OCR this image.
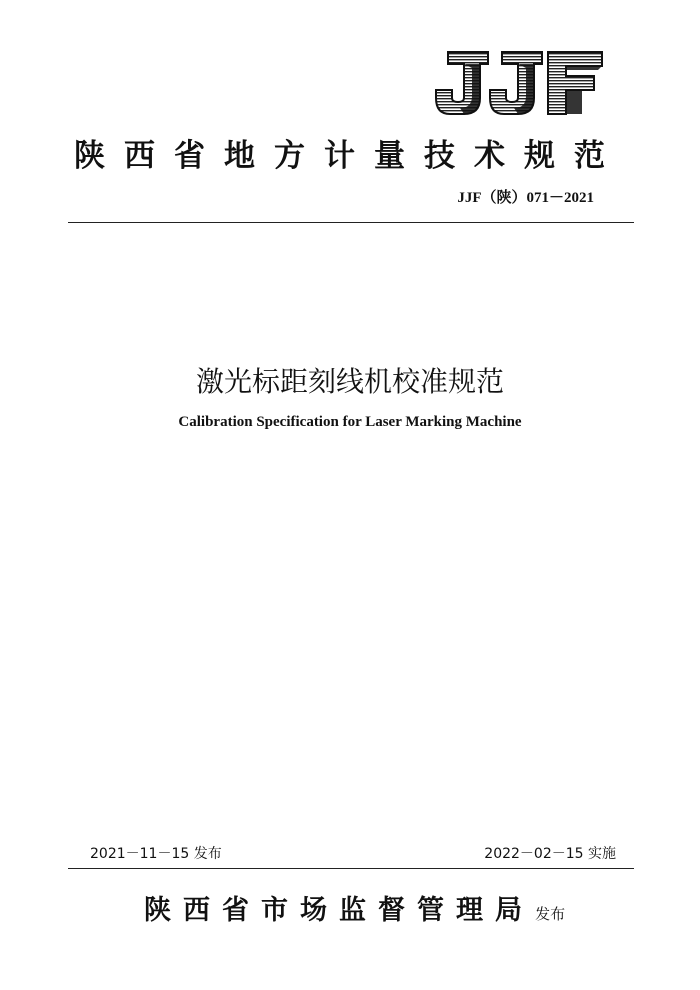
陕西省地方计量技术规范
JJF（陕）071－2021
激光标距刻线机校准规范
Calibration Specification for Laser Marking Machine
2021－11－15 发布	2022－02－15 实施
陕西省市场监督管理局 发布
